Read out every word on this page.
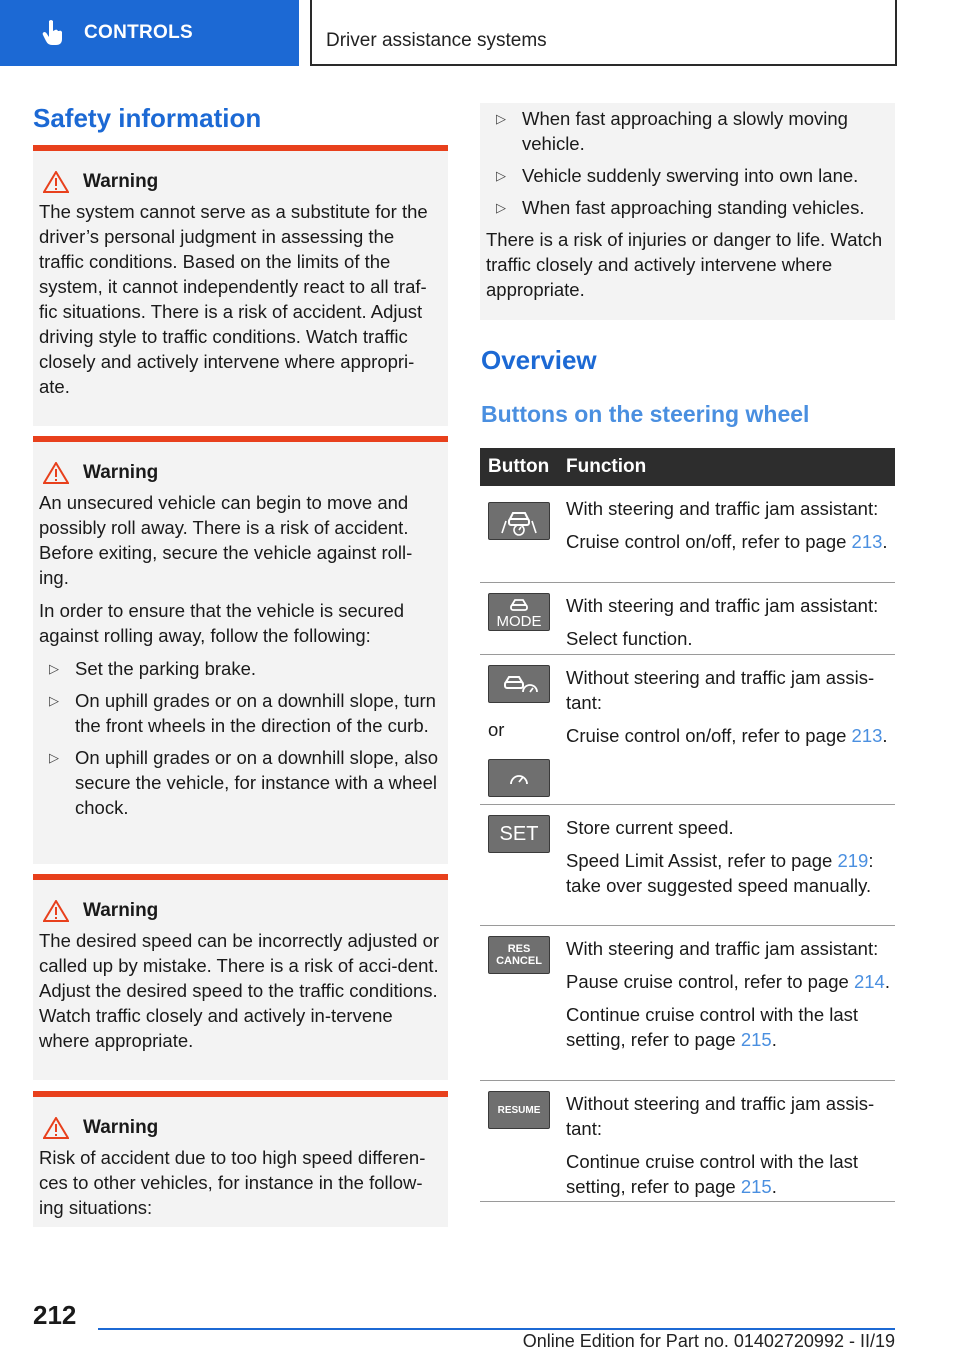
CONTROLS	Driver assistance systems
Safety information
Warning

The system cannot serve as a substitute for the driver’s personal judgment in assessing the traffic conditions. Based on the limits of the system, it cannot independently react to all traf-fic situations. There is a risk of accident. Adjust driving style to traffic conditions. Watch traffic closely and actively intervene where appropri-ate.

Warning

An unsecured vehicle can begin to move and possibly roll away. There is a risk of accident. Before exiting, secure the vehicle against roll-ing.

In order to ensure that the vehicle is secured against rolling away, follow the following:

▷ Set the parking brake.
▷ On uphill grades or on a downhill slope, turn the front wheels in the direction of the curb.
▷ On uphill grades or on a downhill slope, also secure the vehicle, for instance with a wheel chock.
Warning

The desired speed can be incorrectly adjusted or called up by mistake. There is a risk of acci-dent. Adjust the desired speed to the traffic conditions. Watch traffic closely and actively in-tervene where appropriate.

Warning

Risk of accident due to too high speed differen-ces to other vehicles, for instance in the follow-ing situations:

▷ When fast approaching a slowly moving vehicle.
▷ Vehicle suddenly swerving into own lane.
▷ When fast approaching standing vehicles.

There is a risk of injuries or danger to life. Watch traffic closely and actively intervene where appropriate.

Overview
Buttons on the steering wheel
Button Function

With steering and traffic jam assistant:

Cruise control on/off, refer to page 213.

MODE

With steering and traffic jam assistant:

Select function.

or

Without steering and traffic jam assis-tant:

Cruise control on/off, refer to page 213.

SET Store current speed.

Speed Limit Assist, refer to page 219: take over suggested speed manually.

RES CANCEL

With steering and traffic jam assistant:

Pause cruise control, refer to page 214.

Continue cruise control with the last setting, refer to page 215.

RESUME Without steering and traffic jam assis-tant:

Continue cruise control with the last setting, refer to page 215.

212
Online Edition for Part no. 01402720992 - II/19
